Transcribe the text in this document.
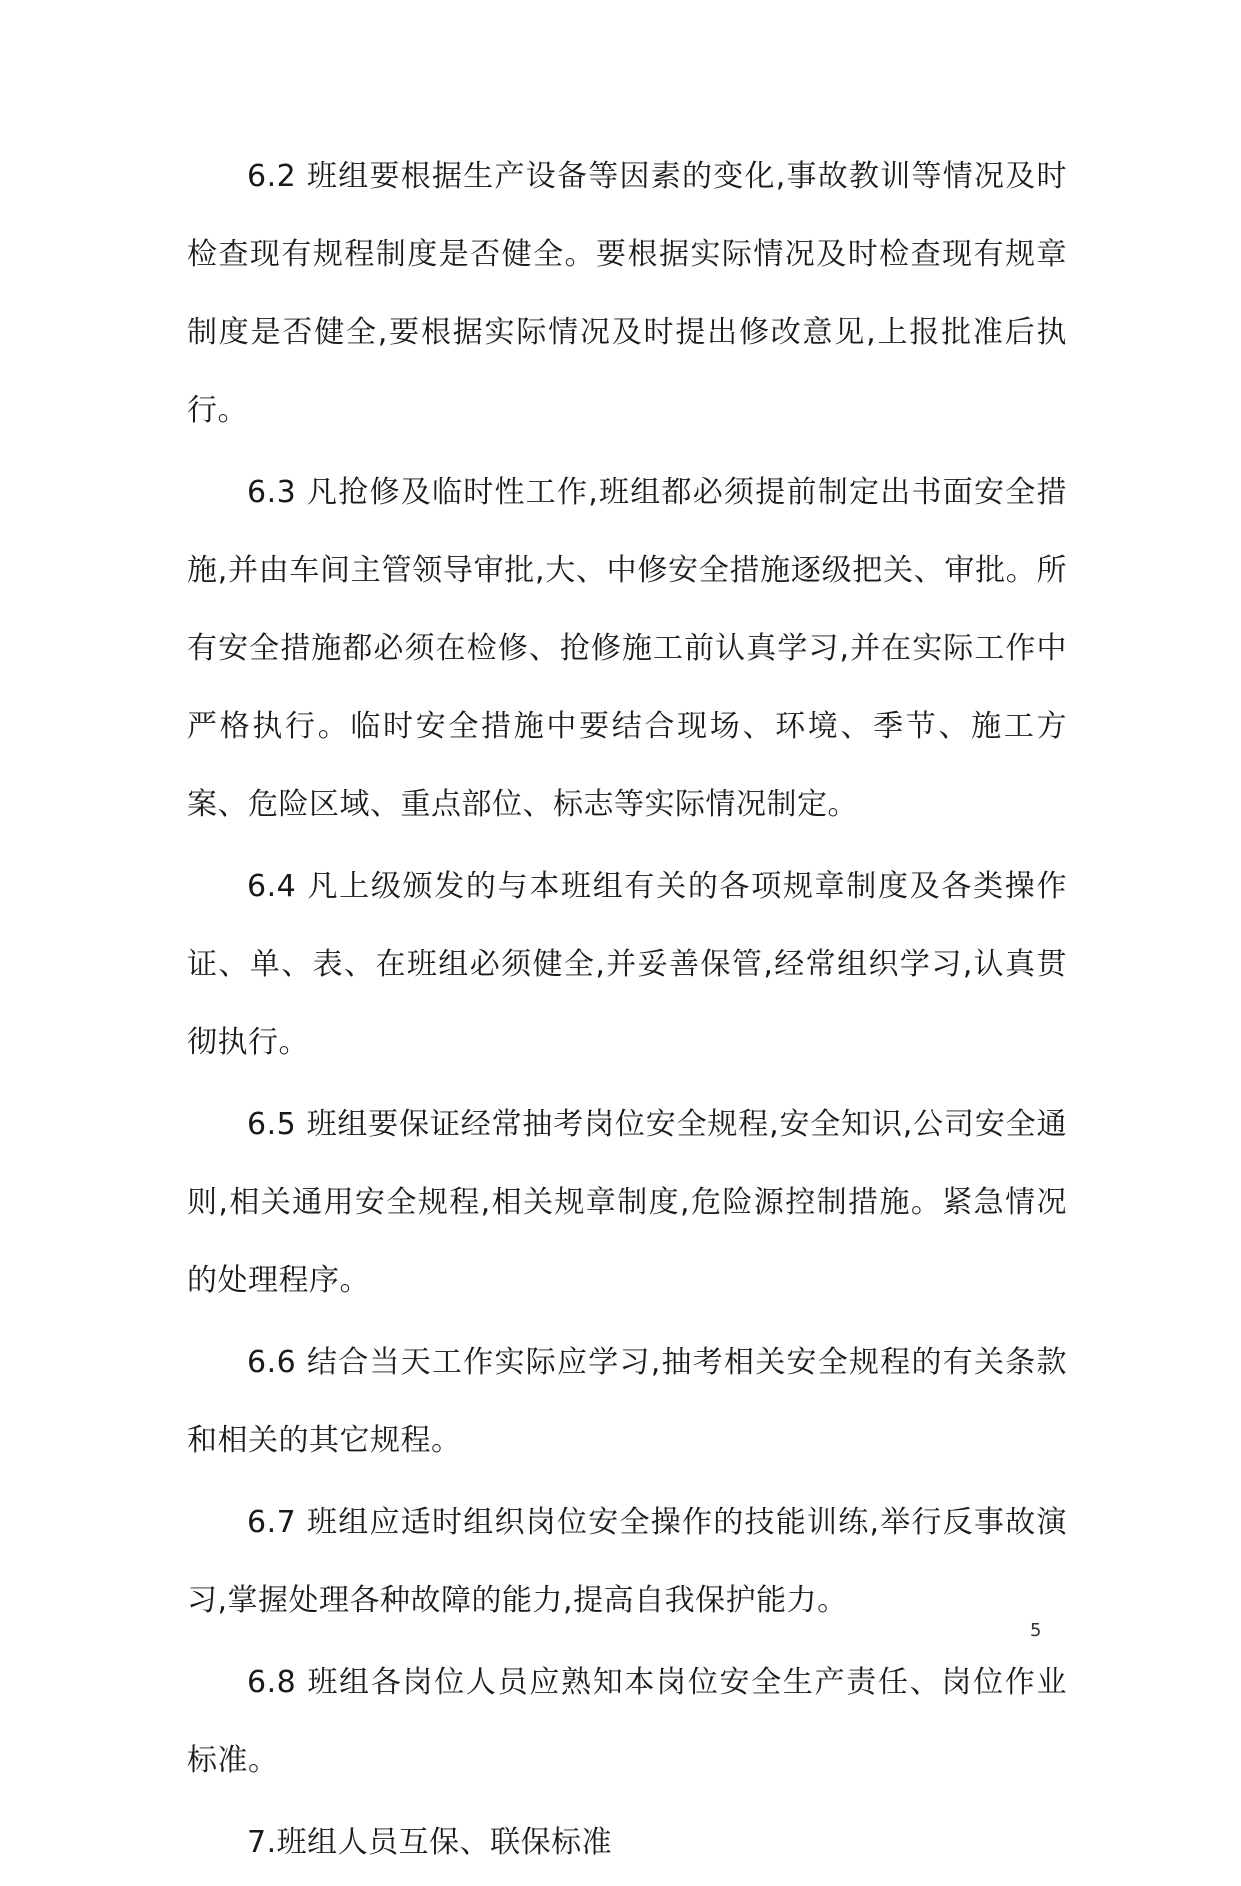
6.2 班组要根据生产设备等因素的变化,事故教训等情况及时检查现有规程制度是否健全。要根据实际情况及时检查现有规章制度是否健全,要根据实际情况及时提出修改意见,上报批准后执行。

6.3 凡抢修及临时性工作,班组都必须提前制定出书面安全措施,并由车间主管领导审批,大、中修安全措施逐级把关、审批。所有安全措施都必须在检修、抢修施工前认真学习,并在实际工作中严格执行。临时安全措施中要结合现场、环境、季节、施工方案、危险区域、重点部位、标志等实际情况制定。

6.4 凡上级颁发的与本班组有关的各项规章制度及各类操作证、单、表、在班组必须健全,并妥善保管,经常组织学习,认真贯彻执行。

6.5 班组要保证经常抽考岗位安全规程,安全知识,公司安全通则,相关通用安全规程,相关规章制度,危险源控制措施。紧急情况的处理程序。

6.6 结合当天工作实际应学习,抽考相关安全规程的有关条款和相关的其它规程。

6.7 班组应适时组织岗位安全操作的技能训练,举行反事故演习,掌握处理各种故障的能力,提高自我保护能力。

6.8 班组各岗位人员应熟知本岗位安全生产责任、岗位作业标准。

7.班组人员互保、联保标准

5
